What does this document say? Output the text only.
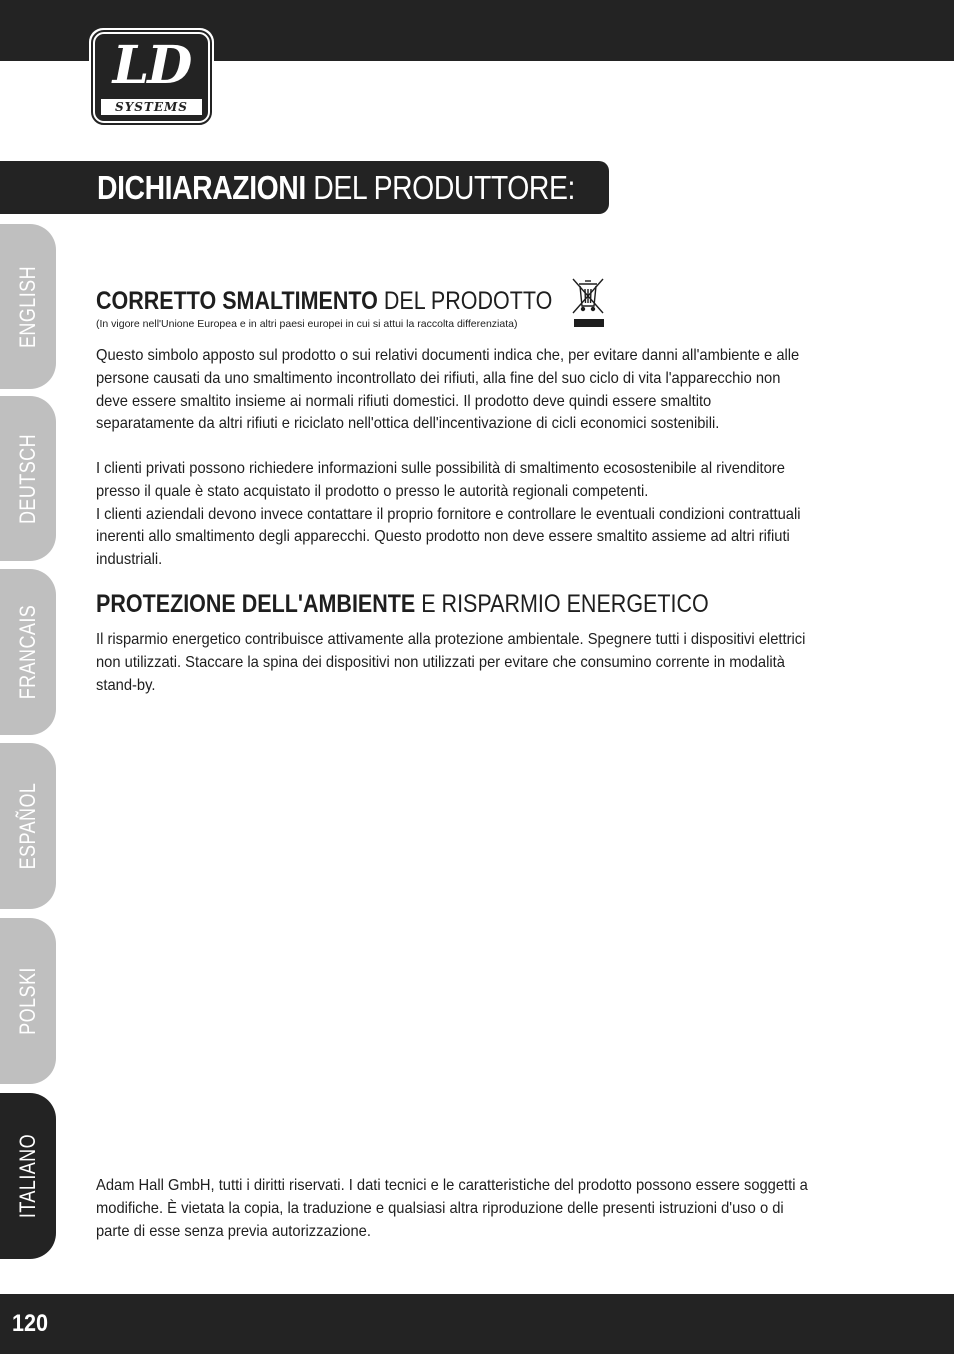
LD
SYSTEMS
DICHIARAZIONI DEL PRODUTTORE:
ENGLISH
DEUTSCH
FRANCAIS
ESPAÑOL
POLSKI
ITALIANO
CORRETTO SMALTIMENTO DEL PRODOTTO
(In vigore nell'Unione Europea e in altri paesi europei in cui si attui la raccolta differenziata)

Questo simbolo apposto sul prodotto o sui relativi documenti indica che, per evitare danni all'ambiente e alle persone causati da uno smaltimento incontrollato dei rifiuti, alla fine del suo ciclo di vita l'apparecchio non deve essere smaltito insieme ai normali rifiuti domestici. Il prodotto deve quindi essere smaltito separatamente da altri rifiuti e riciclato nell'ottica dell'incentivazione di cicli economici sostenibili.

I clienti privati possono richiedere informazioni sulle possibilità di smaltimento ecosostenibile al rivenditore presso il quale è stato acquistato il prodotto o presso le autorità regionali competenti.

I clienti aziendali devono invece contattare il proprio fornitore e controllare le eventuali condizioni contrattuali inerenti allo smaltimento degli apparecchi. Questo prodotto non deve essere smaltito assieme ad altri rifiuti industriali.

PROTEZIONE DELL'AMBIENTE E RISPARMIO ENERGETICO

Il risparmio energetico contribuisce attivamente alla protezione ambientale. Spegnere tutti i dispositivi elettrici non utilizzati. Staccare la spina dei dispositivi non utilizzati per evitare che consumino corrente in modalità stand-by.

Adam Hall GmbH, tutti i diritti riservati. I dati tecnici e le caratteristiche del prodotto possono essere soggetti a modifiche. È vietata la copia, la traduzione e qualsiasi altra riproduzione delle presenti istruzioni d'uso o di parte di esse senza previa autorizzazione.

120
